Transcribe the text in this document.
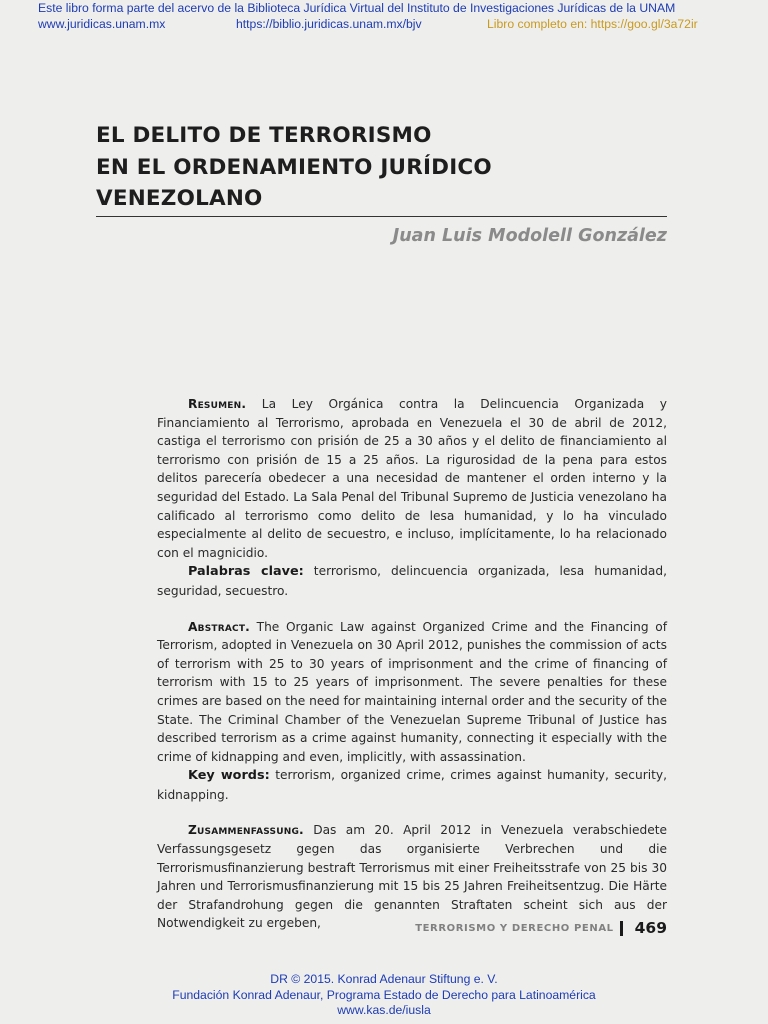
Este libro forma parte del acervo de la Biblioteca Jurídica Virtual del Instituto de Investigaciones Jurídicas de la UNAM
www.juridicas.unam.mx	https://biblio.juridicas.unam.mx/bjv	Libro completo en: https://goo.gl/3a72ir
EL DELITO DE TERRORISMO
EN EL ORDENAMIENTO JURÍDICO
VENEZOLANO
Juan Luis Modolell González

Resumen. La Ley Orgánica contra la Delincuencia Organizada y Financiamiento al Terrorismo, aprobada en Venezuela el 30 de abril de 2012, castiga el terrorismo con prisión de 25 a 30 años y el delito de financiamiento al terrorismo con prisión de 15 a 25 años. La rigurosidad de la pena para estos delitos parecería obedecer a una necesidad de mantener el orden interno y la seguridad del Estado. La Sala Penal del Tribunal Supremo de Justicia venezolano ha calificado al terrorismo como delito de lesa humanidad, y lo ha vinculado especialmente al delito de secuestro, e incluso, implícitamente, lo ha relacionado con el magnicidio.

Palabras clave: terrorismo, delincuencia organizada, lesa humanidad, seguridad, secuestro.

Abstract. The Organic Law against Organized Crime and the Financing of Terrorism, adopted in Venezuela on 30 April 2012, punishes the commission of acts of terrorism with 25 to 30 years of imprisonment and the crime of financing of terrorism with 15 to 25 years of imprisonment. The severe penalties for these crimes are based on the need for maintaining internal order and the security of the State. The Criminal Chamber of the Venezuelan Supreme Tribunal of Justice has described terrorism as a crime against humanity, connecting it especially with the crime of kidnapping and even, implicitly, with assassination.

Key words: terrorism, organized crime, crimes against humanity, security, kidnapping.

Zusammenfassung. Das am 20. April 2012 in Venezuela verabschiedete Verfassungsgesetz gegen das organisierte Verbrechen und die Terrorismusfinanzierung bestraft Terrorismus mit einer Freiheitsstrafe von 25 bis 30 Jahren und Terrorismusfinanzierung mit 15 bis 25 Jahren Freiheitsentzug. Die Härte der Strafandrohung gegen die genannten Straftaten scheint sich aus der Notwendigkeit zu ergeben,	TERRORISMO Y DERECHO PENAL 469
DR © 2015. Konrad Adenaur Stiftung e. V.
Fundación Konrad Adenaur, Programa Estado de Derecho para Latinoamérica
www.kas.de/iusla
